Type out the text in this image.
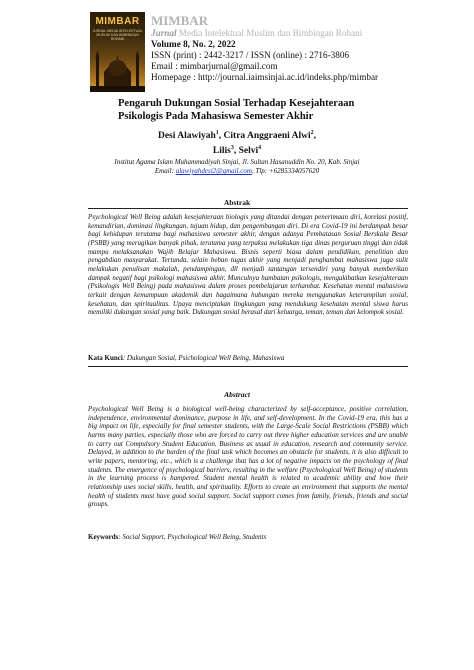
MIMBAR
JURNAL MEDIA INTELEKTUAL MUSLIM DAN BIMBINGAN ROHANI
MIMBAR
Jurnal Media Intelektual Muslim dan Bimbingan Rohani
Volume 8, No. 2, 2022
ISSN (print) : 2442-3217 / ISSN (online) : 2716-3806
Email : mimbarjurnal@gmail.com
Homepage : http://journal.iaimsinjai.ac.id/indeks.php/mimbar
Pengaruh Dukungan Sosial Terhadap Kesejahteraan
Psikologis Pada Mahasiswa Semester Akhir
Desi Alawiyah$^1$, Citra Anggraeni Alwi$^2$,
Lilis$^3$, Selvi$^4$
Institut Agama Islam Muhammadiyah Sinjai, Jl. Sultan Hasanuddin No. 20, Kab. Sinjai
Email: alawiyahdesi2@gmail.com, Tlp: +6285334057620
Abstrak

Psychological Well Being adalah kesejahteraan biologis yang ditandai dengan penerimaan diri, korelasi positif, kemandirian, dominasi lingkungan, tujuan hidup, dan pengembangan diri. Di era Covid-19 ini berdampak besar bagi kehidupan terutama bagi mahasiswa semester akhir, dengan adanya Pembatasan Sosial Berskala Besar (PSBB) yang merugikan banyak pihak, terutama yang terpaksa melakukan tiga dinas perguruan tinggi dan tidak mampu melaksanakan Wajib Belajar Mahasiswa. Bisnis seperti biasa dalam pendidikan, penelitian dan pengabdian masyarakat. Tertunda, selain beban tugas akhir yang menjadi penghambat mahasiswa juga sulit melakukan penulisan makalah, pendampingan, dll menjadi tantangan tersendiri yang banyak memberikan dampak negatif bagi psikologi mahasiswa akhir. Munculnya hambatan psikologis, mengakibatkan kesejahteraan (Psikologis Well Being) pada mahasiswa dalam proses pembelajaran terhambat. Kesehatan mental mahasiswa terkait dengan kemampuan akademik dan bagaimana hubungan mereka menggunakan keterampilan sosial, kesehatan, dan spiritualitas. Upaya menciptakan lingkungan yang mendukung kesehatan mental siswa harus memiliki dukungan sosial yang baik. Dukungan sosial berasal dari keluarga, teman, teman dan kelompok sosial.

Kata Kunci: Dukungan Sosial, Psichological Well Being, Mahasiswa
Abstract

Psychological Well Being is a biological well-being characterized by self-acceptance, positive correlation, independence, environmental dominance, purpose in life, and self-development. In the Covid-19 era, this has a big impact on life, especially for final semester students, with the Large-Scale Social Restrictions (PSBB) which harms many parties, especially those who are forced to carry out three higher education services and are unable to carry out Compulsory Student Education. Business as usual in education, research and community service. Delayed, in addition to the burden of the final task which becomes an obstacle for students, it is also difficult to write papers, mentoring, etc., which is a challenge that has a lot of negative impacts on the psychology of final students. The emergence of psychological barriers, resulting in the welfare (Psychological Well Being) of students in the learning process is hampered. Student mental health is related to academic ability and how their relationship uses social skills, health, and spirituality. Efforts to create an environment that supports the mental health of students must have good social support. Social support comes from family, friends, friends and social groups.

Keywords: Social Support, Psychological Well Being, Students
